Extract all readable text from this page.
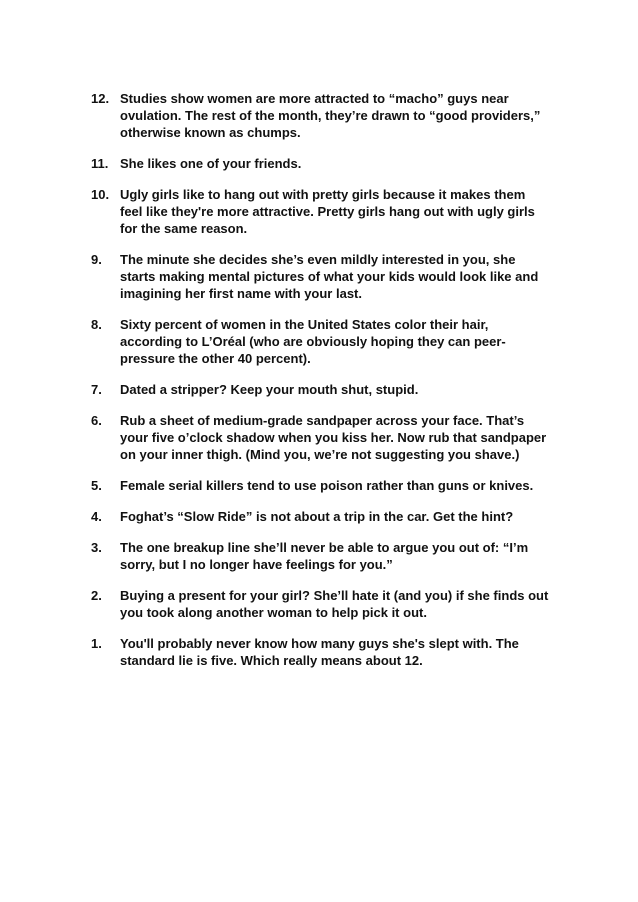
12. Studies show women are more attracted to “macho” guys near
ovulation. The rest of the month, they’re drawn to “good providers,”
otherwise known as chumps.
11. She likes one of your friends.
10. Ugly girls like to hang out with pretty girls because it makes them
feel like they're more attractive. Pretty girls hang out with ugly girls
for the same reason.
9.	The minute she decides she’s even mildly interested in you, she
starts making mental pictures of what your kids would look like and
imagining her first name with your last.
8.	Sixty percent of women in the United States color their hair,
according to L’Oréal (who are obviously hoping they can peer-
pressure the other 40 percent).
7.	Dated a stripper? Keep your mouth shut, stupid.
6.	Rub a sheet of medium-grade sandpaper across your face. That’s
your five o’clock shadow when you kiss her. Now rub that sandpaper
on your inner thigh. (Mind you, we’re not suggesting you shave.)
5.	Female serial killers tend to use poison rather than guns or knives.
4.	Foghat’s “Slow Ride” is not about a trip in the car. Get the hint?
3.	The one breakup line she’ll never be able to argue you out of: “I’m
sorry, but I no longer have feelings for you.”
2.	Buying a present for your girl? She’ll hate it (and you) if she finds out
you took along another woman to help pick it out.
1.	You'll probably never know how many guys she's slept with. The
standard lie is five. Which really means about 12.
